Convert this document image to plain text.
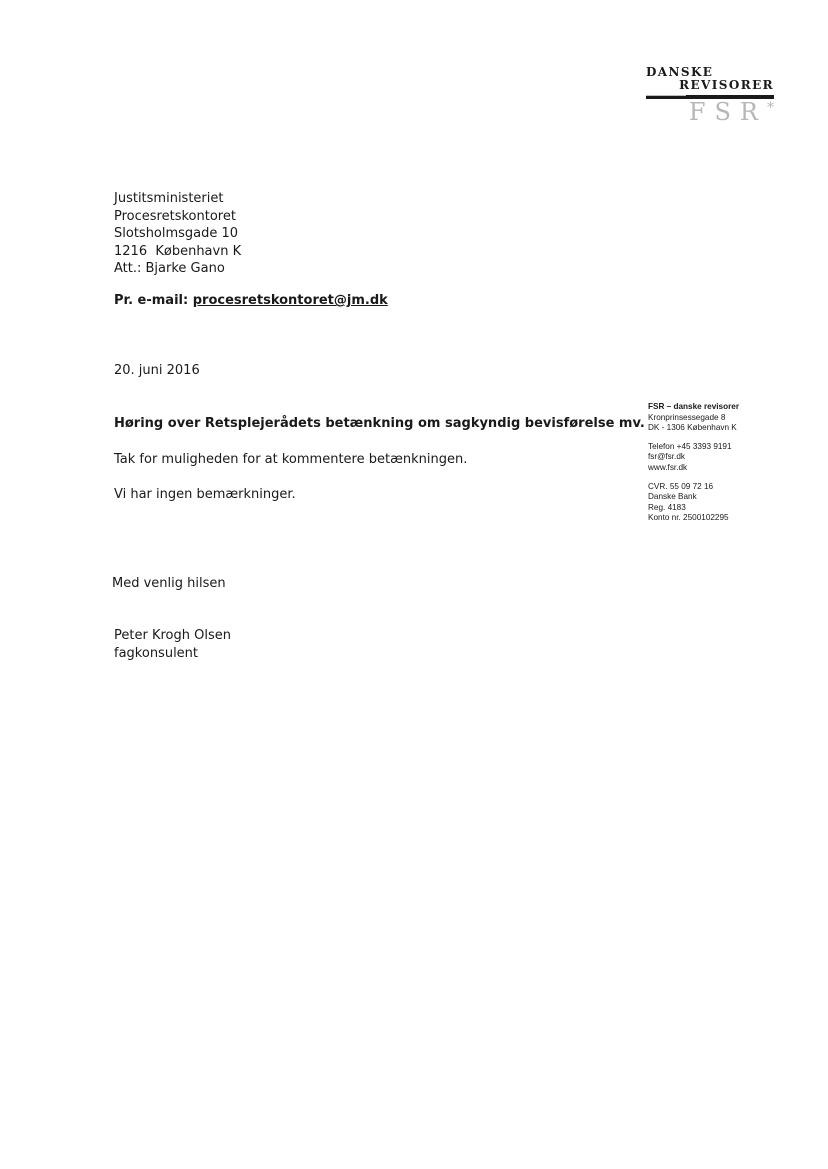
DANSKE
REVISORER
FSR*
Justitsministeriet
Procesretskontoret
Slotsholmsgade 10
1216  København K
Att.: Bjarke Gano
Pr. e-mail: procesretskontoret@jm.dk
20. juni 2016
Høring over Retsplejerådets betænkning om sagkyndig bevisførelse mv.
Tak for muligheden for at kommentere betænkningen.
Vi har ingen bemærkninger.
Med venlig hilsen
Peter Krogh Olsen
fagkonsulent
FSR – danske revisorer
Kronprinsessegade 8
DK - 1306 København K
Telefon +45 3393 9191
fsr@fsr.dk
www.fsr.dk
CVR. 55 09 72 16
Danske Bank
Reg. 4183
Konto nr. 2500102295
